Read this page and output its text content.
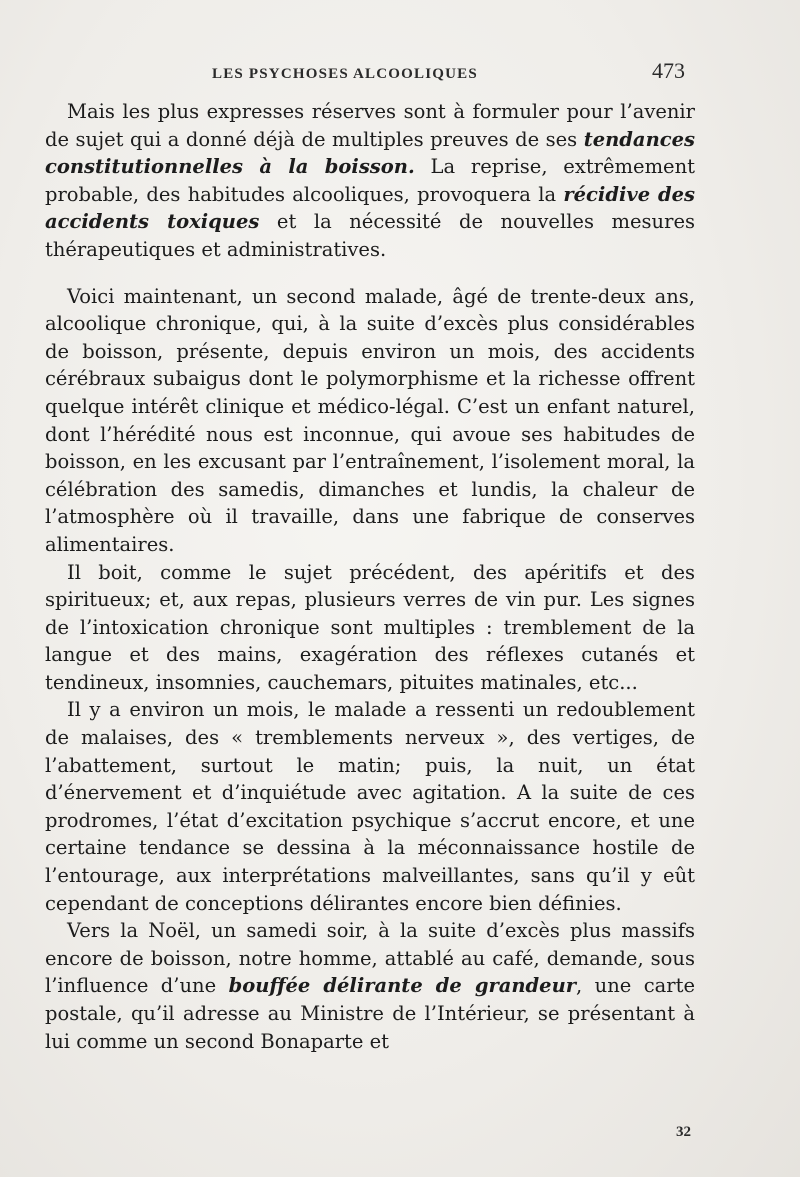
LES PSYCHOSES ALCOOLIQUES	473

Mais les plus expresses réserves sont à formuler pour l’avenir de sujet qui a donné déjà de multiples preuves de ses tendances constitutionnelles à la boisson. La reprise, extrêmement probable, des habitudes alcooliques, provoquera la récidive des accidents toxiques et la nécessité de nouvelles mesures thérapeutiques et administratives.

Voici maintenant, un second malade, âgé de trente-deux ans, alcoolique chronique, qui, à la suite d’excès plus considérables de boisson, présente, depuis environ un mois, des accidents cérébraux subaigus dont le polymorphisme et la richesse offrent quelque intérêt clinique et médico-légal. C’est un enfant naturel, dont l’hérédité nous est inconnue, qui avoue ses habitudes de boisson, en les excusant par l’entraînement, l’isolement moral, la célébration des samedis, dimanches et lundis, la chaleur de l’atmosphère où il travaille, dans une fabrique de conserves alimentaires.

Il boit, comme le sujet précédent, des apéritifs et des spiritueux; et, aux repas, plusieurs verres de vin pur. Les signes de l’intoxication chronique sont multiples : tremblement de la langue et des mains, exagération des réflexes cutanés et tendineux, insomnies, cauchemars, pituites matinales, etc...

Il y a environ un mois, le malade a ressenti un redoublement de malaises, des « tremblements nerveux », des vertiges, de l’abattement, surtout le matin; puis, la nuit, un état d’énervement et d’inquiétude avec agitation. A la suite de ces prodromes, l’état d’excitation psychique s’accrut encore, et une certaine tendance se dessina à la méconnaissance hostile de l’entourage, aux interprétations malveillantes, sans qu’il y eût cependant de conceptions délirantes encore bien définies.

Vers la Noël, un samedi soir, à la suite d’excès plus massifs encore de boisson, notre homme, attablé au café, demande, sous l’influence d’une bouffée délirante de grandeur, une carte postale, qu’il adresse au Ministre de l’Intérieur, se présentant à lui comme un second Bonaparte et

32
